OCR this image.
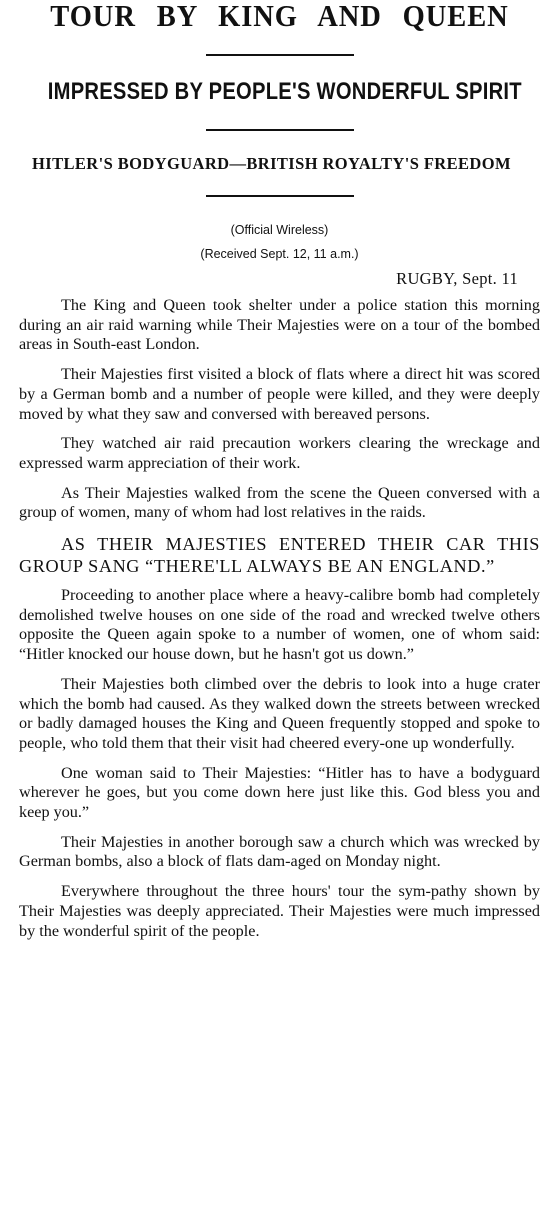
TOUR BY KING AND QUEEN
IMPRESSED BY PEOPLE'S WONDERFUL SPIRIT
HITLER'S BODYGUARD—BRITISH ROYALTY'S FREEDOM
(Official Wireless)
(Received Sept. 12, 11 a.m.)
RUGBY, Sept. 11

The King and Queen took shelter under a police station this morning during an air raid warning while Their Majesties were on a tour of the bombed areas in South-east London.

Their Majesties first visited a block of flats where a direct hit was scored by a German bomb and a number of people were killed, and they were deeply moved by what they saw and conversed with bereaved persons.

They watched air raid precaution workers clearing the wreckage and expressed warm appreciation of their work.

As Their Majesties walked from the scene the Queen conversed with a group of women, many of whom had lost relatives in the raids.

AS THEIR MAJESTIES ENTERED THEIR CAR THIS GROUP SANG “THERE'LL ALWAYS BE AN ENGLAND.”

Proceeding to another place where a heavy-calibre bomb had completely demolished twelve houses on one side of the road and wrecked twelve others opposite the Queen again spoke to a number of women, one of whom said: “Hitler knocked our house down, but he hasn't got us down.”

Their Majesties both climbed over the debris to look into a huge crater which the bomb had caused. As they walked down the streets between wrecked or badly damaged houses the King and Queen frequently stopped and spoke to people, who told them that their visit had cheered every-one up wonderfully.

One woman said to Their Majesties: “Hitler has to have a bodyguard wherever he goes, but you come down here just like this. God bless you and keep you.”

Their Majesties in another borough saw a church which was wrecked by German bombs, also a block of flats dam-aged on Monday night.

Everywhere throughout the three hours' tour the sym-pathy shown by Their Majesties was deeply appreciated. Their Majesties were much impressed by the wonderful spirit of the people.
